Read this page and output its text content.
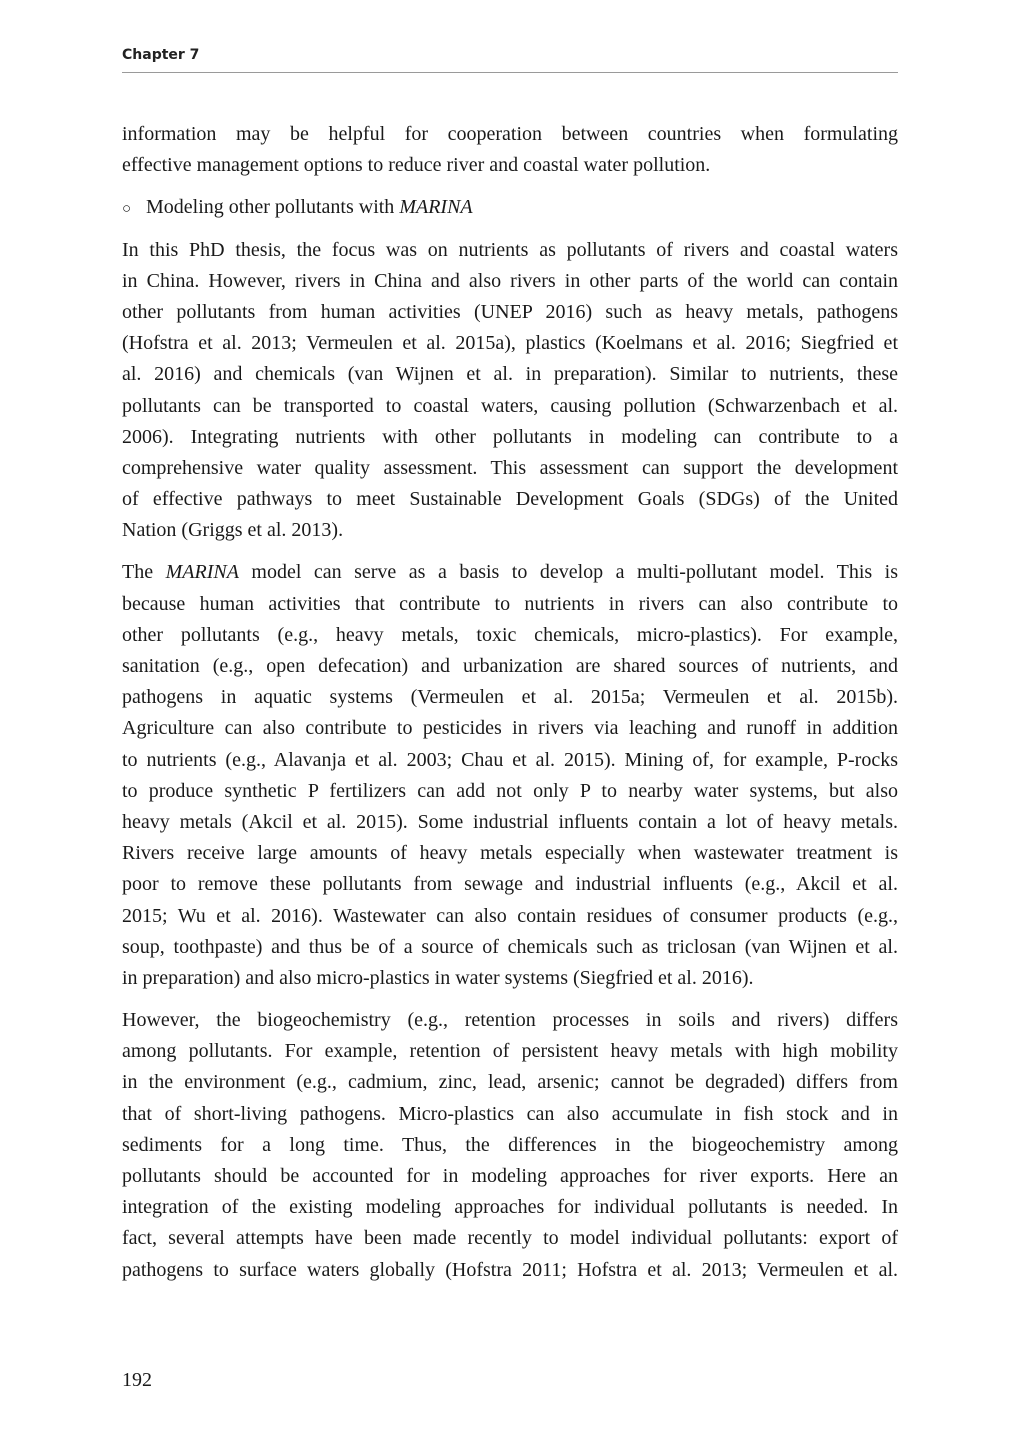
Chapter 7
information may be helpful for cooperation between countries when formulating
effective management options to reduce river and coastal water pollution.
○ Modeling other pollutants with MARINA
In this PhD thesis, the focus was on nutrients as pollutants of rivers and coastal waters
in China. However, rivers in China and also rivers in other parts of the world can contain
other pollutants from human activities (UNEP 2016) such as heavy metals, pathogens
(Hofstra et al. 2013; Vermeulen et al. 2015a), plastics (Koelmans et al. 2016; Siegfried et
al. 2016) and chemicals (van Wijnen et al. in preparation). Similar to nutrients, these
pollutants can be transported to coastal waters, causing pollution (Schwarzenbach et al.
2006). Integrating nutrients with other pollutants in modeling can contribute to a
comprehensive water quality assessment. This assessment can support the development
of effective pathways to meet Sustainable Development Goals (SDGs) of the United
Nation (Griggs et al. 2013).
The MARINA model can serve as a basis to develop a multi-pollutant model. This is
because human activities that contribute to nutrients in rivers can also contribute to
other pollutants (e.g., heavy metals, toxic chemicals, micro-plastics). For example,
sanitation (e.g., open defecation) and urbanization are shared sources of nutrients, and
pathogens in aquatic systems (Vermeulen et al. 2015a; Vermeulen et al. 2015b).
Agriculture can also contribute to pesticides in rivers via leaching and runoff in addition
to nutrients (e.g., Alavanja et al. 2003; Chau et al. 2015). Mining of, for example, P-rocks
to produce synthetic P fertilizers can add not only P to nearby water systems, but also
heavy metals (Akcil et al. 2015). Some industrial influents contain a lot of heavy metals.
Rivers receive large amounts of heavy metals especially when wastewater treatment is
poor to remove these pollutants from sewage and industrial influents (e.g., Akcil et al.
2015; Wu et al. 2016). Wastewater can also contain residues of consumer products (e.g.,
soup, toothpaste) and thus be of a source of chemicals such as triclosan (van Wijnen et al.
in preparation) and also micro-plastics in water systems (Siegfried et al. 2016).
However, the biogeochemistry (e.g., retention processes in soils and rivers) differs
among pollutants. For example, retention of persistent heavy metals with high mobility
in the environment (e.g., cadmium, zinc, lead, arsenic; cannot be degraded) differs from
that of short-living pathogens. Micro-plastics can also accumulate in fish stock and in
sediments for a long time. Thus, the differences in the biogeochemistry among
pollutants should be accounted for in modeling approaches for river exports. Here an
integration of the existing modeling approaches for individual pollutants is needed. In
fact, several attempts have been made recently to model individual pollutants: export of
pathogens to surface waters globally (Hofstra 2011; Hofstra et al. 2013; Vermeulen et al.
192
